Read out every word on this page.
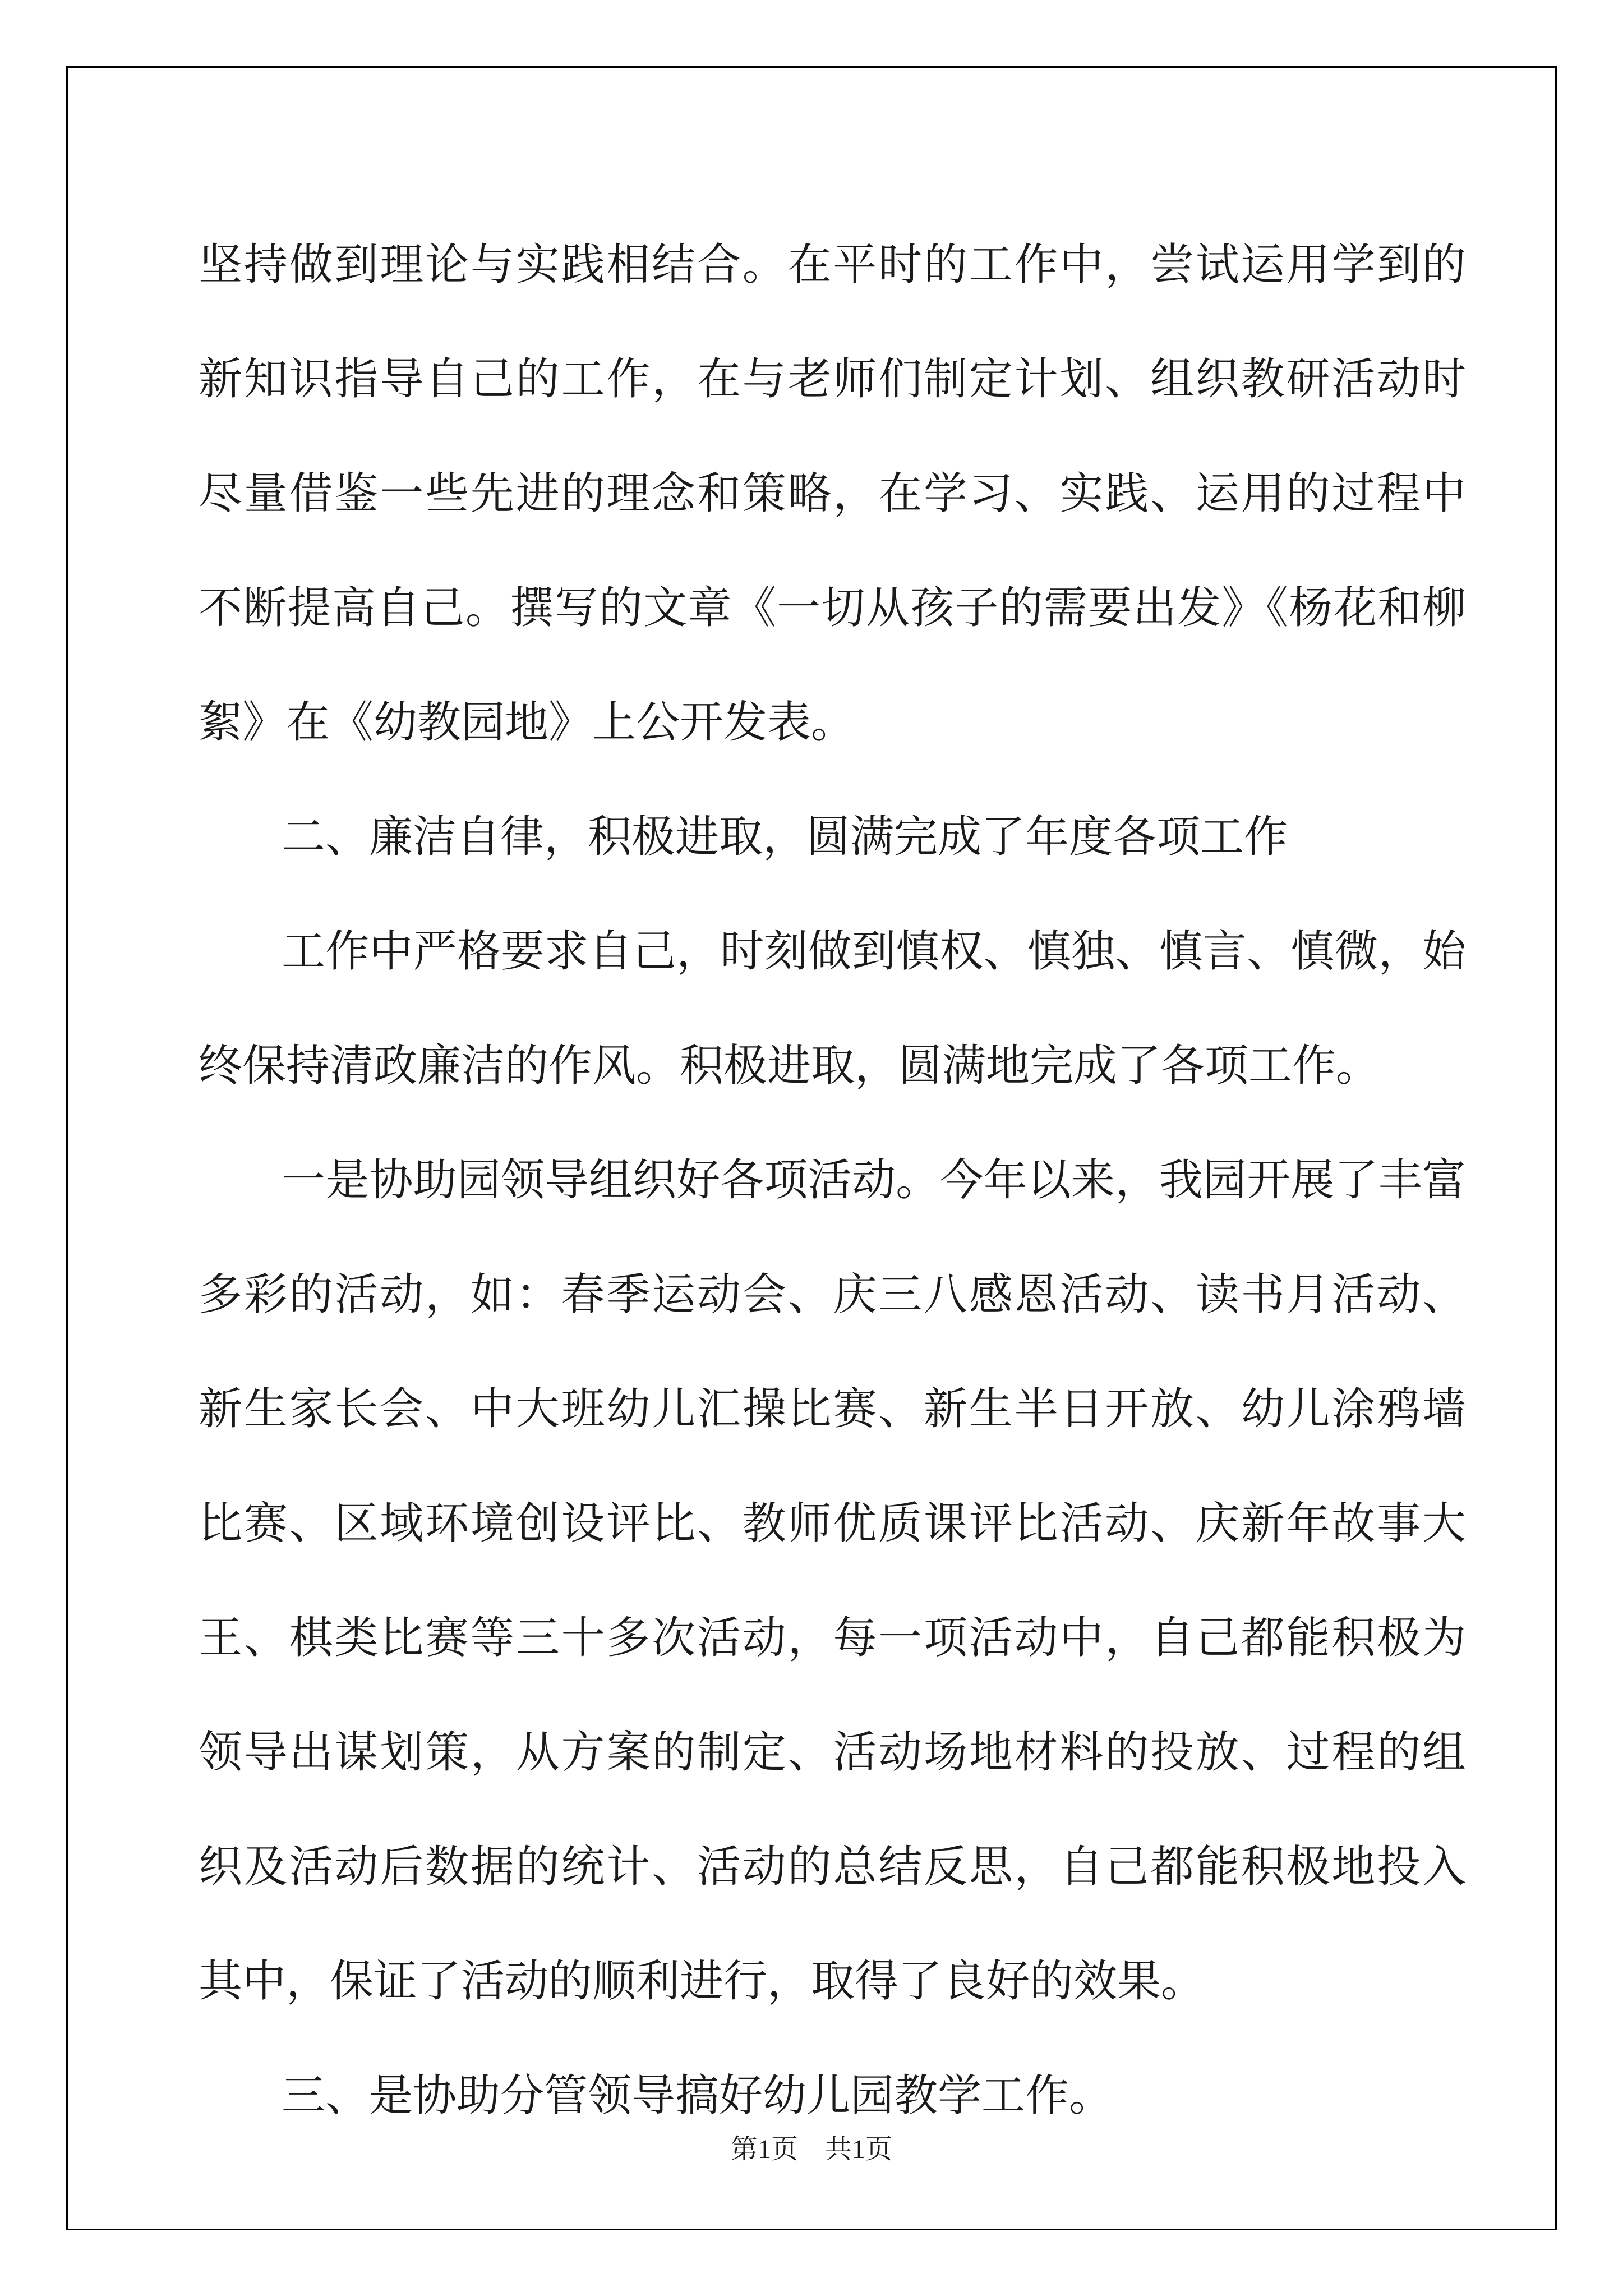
坚持做到理论与实践相结合。在平时的工作中，尝试运用学到的新知识指导自己的工作，在与老师们制定计划、组织教研活动时尽量借鉴一些先进的理念和策略，在学习、实践、运用的过程中不断提高自己。撰写的文章《一切从孩子的需要出发》《杨花和柳絮》在《幼教园地》上公开发表。

二、廉洁自律，积极进取，圆满完成了年度各项工作

工作中严格要求自己，时刻做到慎权、慎独、慎言、慎微，始终保持清政廉洁的作风。积极进取，圆满地完成了各项工作。

一是协助园领导组织好各项活动。今年以来，我园开展了丰富多彩的活动，如：春季运动会、庆三八感恩活动、读书月活动、新生家长会、中大班幼儿汇操比赛、新生半日开放、幼儿涂鸦墙比赛、区域环境创设评比、教师优质课评比活动、庆新年故事大王、棋类比赛等三十多次活动，每一项活动中，自己都能积极为领导出谋划策，从方案的制定、活动场地材料的投放、过程的组织及活动后数据的统计、活动的总结反思，自己都能积极地投入其中，保证了活动的顺利进行，取得了良好的效果。

三、是协助分管领导搞好幼儿园教学工作。

第1页　共1页
